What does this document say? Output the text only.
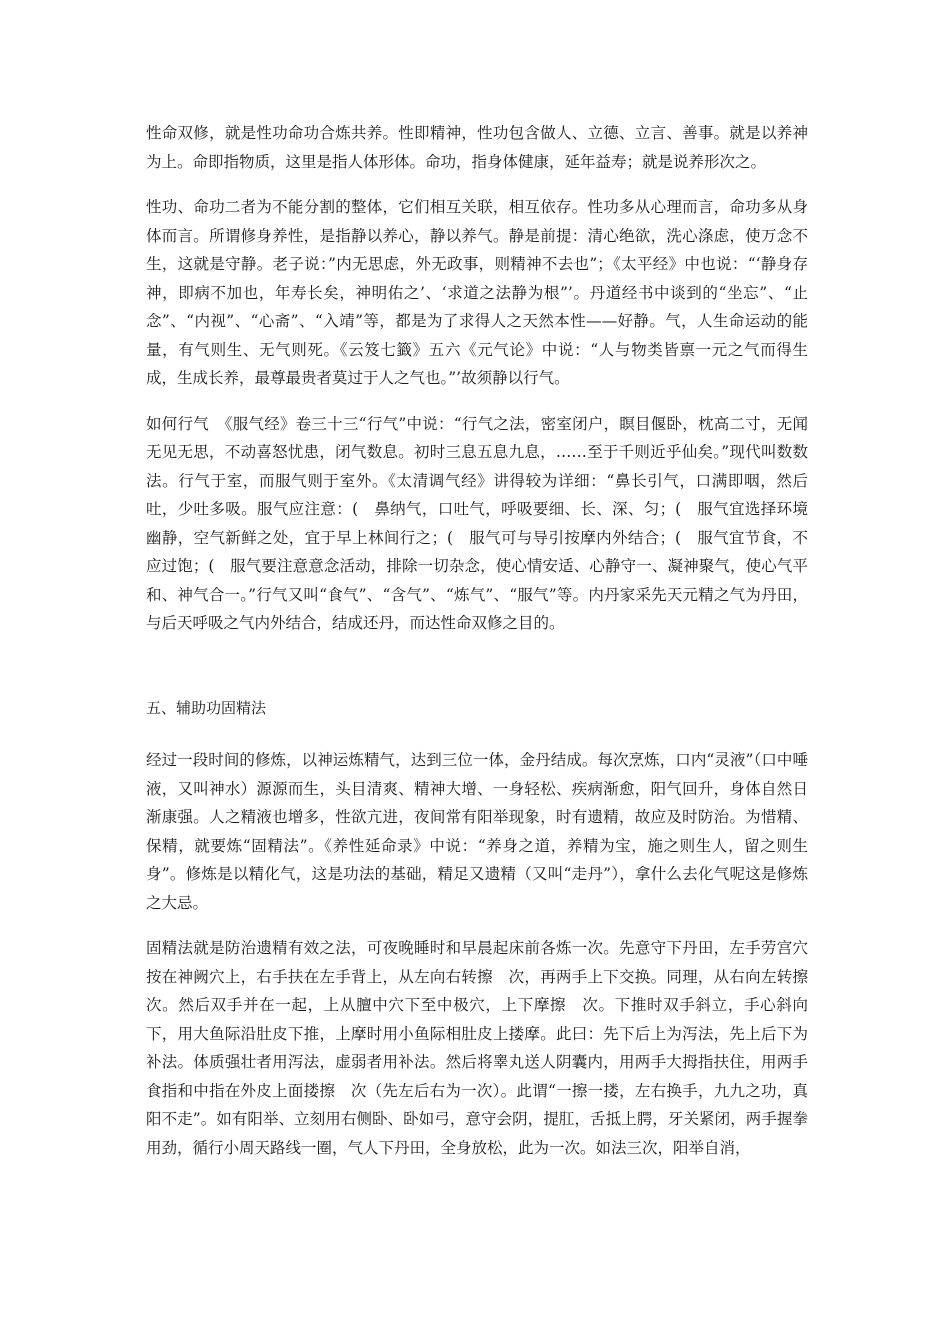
性命双修，就是性功命功合炼共养。性即精神，性功包含做人、立德、立言、善事。就是以养神为上。命即指物质，这里是指人体形体。命功，指身体健康，延年益寿；就是说养形次之。

性功、命功二者为不能分割的整体，它们相互关联，相互依存。性功多从心理而言，命功多从身体而言。所谓修身养性，是指静以养心，静以养气。静是前提：清心绝欲，洗心涤虑，使万念不生，这就是守静。老子说：”内无思虑，外无政事，则精神不去也”；《太平经》中也说：“‘静身存神，即病不加也，年寿长矣，神明佑之’、‘求道之法静为根”’。丹道经书中谈到的“坐忘”、“止念”、“内视”、“心斋”、“入靖”等，都是为了求得人之天然本性——好静。气，人生命运动的能量，有气则生、无气则死。《云笈七籤》五六《元气论》中说：“人与物类皆禀一元之气而得生成，生成长养，最尊最贵者莫过于人之气也。”’故须静以行气。

如何行气　《服气经》卷三十三“行气”中说：“行气之法，密室闭户，瞑目偃卧，枕高二寸，无闻无见无思，不动喜怒忧患，闭气数息。初时三息五息九息，……至于千则近乎仙矣。”现代叫数数法。行气于室，而服气则于室外。《太清调气经》讲得较为详细：“鼻长引气，口满即咽，然后吐，少吐多吸。服气应注意：(　鼻纳气，口吐气，呼吸要细、长、深、匀；(　服气宜选择环境幽静，空气新鲜之处，宜于早上林间行之；(　服气可与导引按摩内外结合；(　服气宜节食，不应过饱；(　服气要注意意念活动，排除一切杂念，使心情安适、心静守一、凝神聚气，使心气平和、神气合一。”行气又叫“食气”、“含气”、“炼气”、“服气”等。内丹家采先天元精之气为丹田，与后天呼吸之气内外结合，结成还丹，而达性命双修之目的。

五、辅助功固精法

经过一段时间的修炼，以神运炼精气，达到三位一体，金丹结成。每次烹炼，口内“灵液”（口中唾液，又叫神水）源源而生，头目清爽、精神大增、一身轻松、疾病渐愈，阳气回升，身体自然日渐康强。人之精液也增多，性欲亢进，夜间常有阳举现象，时有遗精，故应及时防治。为惜精、保精，就要炼“固精法”。《养性延命录》中说：“养身之道，养精为宝，施之则生人，留之则生身”。修炼是以精化气，这是功法的基础，精足又遗精（又叫“走丹”），拿什么去化气呢这是修炼之大忌。

固精法就是防治遗精有效之法，可夜晚睡时和早晨起床前各炼一次。先意守下丹田，左手劳宫穴按在神阙穴上，右手扶在左手背上，从左向右转擦　次，再两手上下交换。同理，从右向左转擦　次。然后双手并在一起，上从膻中穴下至中极穴，上下摩擦　次。下推时双手斜立，手心斜向下，用大鱼际沿肚皮下推，上摩时用小鱼际相肚皮上搂摩。此曰：先下后上为泻法，先上后下为补法。体质强壮者用泻法，虚弱者用补法。然后将睾丸送人阴囊内，用两手大拇指扶住，用两手食指和中指在外皮上面搂擦　次（先左后右为一次）。此谓“一擦一搂，左右换手，九九之功，真阳不走”。如有阳举、立刻用右侧卧、卧如弓，意守会阴，提肛，舌抵上腭，牙关紧闭，两手握拳用劲，循行小周天路线一圈，气人下丹田，全身放松，此为一次。如法三次，阳举自消，
